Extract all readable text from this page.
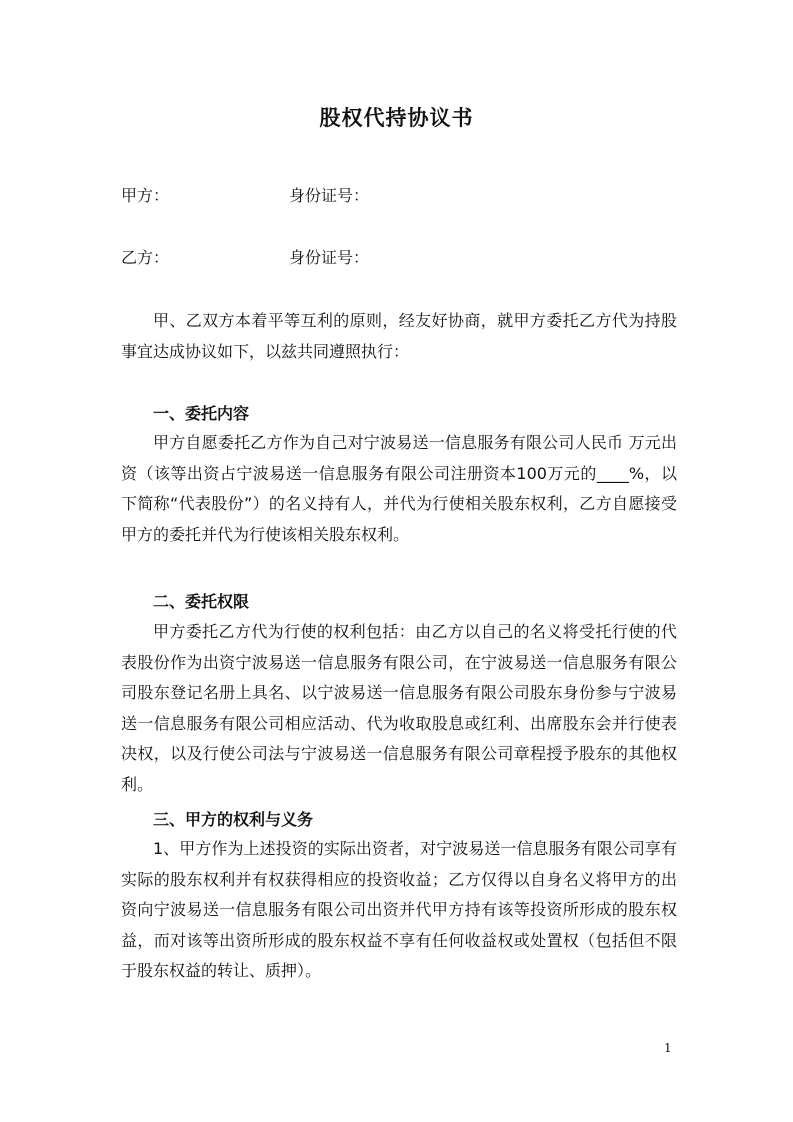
股权代持协议书
甲方：	身份证号：
乙方：	身份证号：
甲、乙双方本着平等互利的原则，经友好协商，就甲方委托乙方代为持股事宜达成协议如下，以兹共同遵照执行：
一、委托内容
甲方自愿委托乙方作为自己对宁波易送一信息服务有限公司人民币 万元出资（该等出资占宁波易送一信息服务有限公司注册资本100万元的____%，以下简称“代表股份”）的名义持有人，并代为行使相关股东权利，乙方自愿接受甲方的委托并代为行使该相关股东权利。
二、委托权限
甲方委托乙方代为行使的权利包括：由乙方以自己的名义将受托行使的代表股份作为出资宁波易送一信息服务有限公司，在宁波易送一信息服务有限公司股东登记名册上具名、以宁波易送一信息服务有限公司股东身份参与宁波易送一信息服务有限公司相应活动、代为收取股息或红利、出席股东会并行使表决权，以及行使公司法与宁波易送一信息服务有限公司章程授予股东的其他权利。
三、甲方的权利与义务
1、甲方作为上述投资的实际出资者，对宁波易送一信息服务有限公司享有实际的股东权利并有权获得相应的投资收益；乙方仅得以自身名义将甲方的出资向宁波易送一信息服务有限公司出资并代甲方持有该等投资所形成的股东权益，而对该等出资所形成的股东权益不享有任何收益权或处置权（包括但不限于股东权益的转让、质押）。
1
